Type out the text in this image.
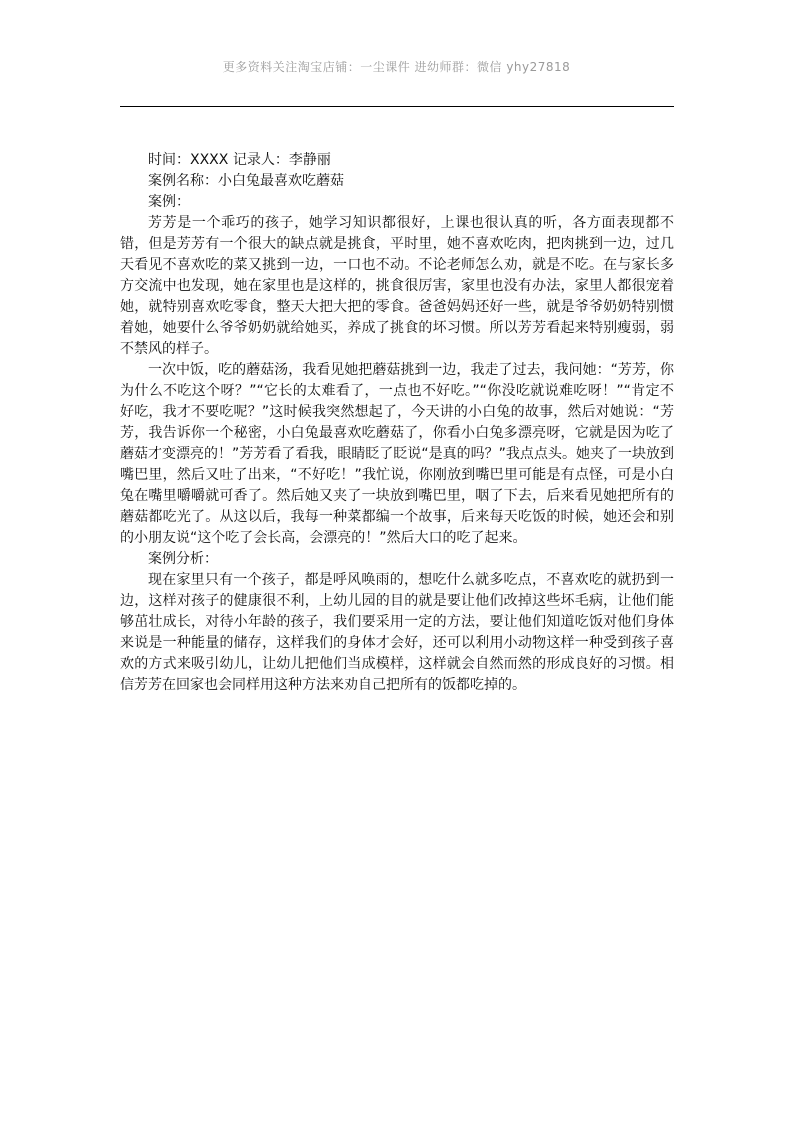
更多资料关注淘宝店铺：一尘课件 进幼师群：微信 yhy27818

时间：XXXX 记录人：李静丽

案例名称：小白兔最喜欢吃蘑菇

案例：

芳芳是一个乖巧的孩子，她学习知识都很好，上课也很认真的听，各方面表现都不错，但是芳芳有一个很大的缺点就是挑食，平时里，她不喜欢吃肉，把肉挑到一边，过几天看见不喜欢吃的菜又挑到一边，一口也不动。不论老师怎么劝，就是不吃。在与家长多方交流中也发现，她在家里也是这样的，挑食很厉害，家里也没有办法，家里人都很宠着她，就特别喜欢吃零食，整天大把大把的零食。爸爸妈妈还好一些，就是爷爷奶奶特别惯着她，她要什么爷爷奶奶就给她买，养成了挑食的坏习惯。所以芳芳看起来特别瘦弱，弱不禁风的样子。

一次中饭，吃的蘑菇汤，我看见她把蘑菇挑到一边，我走了过去，我问她：“芳芳，你为什么不吃这个呀？”“它长的太难看了，一点也不好吃。”“你没吃就说难吃呀！”“肯定不好吃，我才不要吃呢？”这时候我突然想起了，今天讲的小白兔的故事，然后对她说：“芳芳，我告诉你一个秘密，小白兔最喜欢吃蘑菇了，你看小白兔多漂亮呀，它就是因为吃了蘑菇才变漂亮的！”芳芳看了看我，眼睛眨了眨说“是真的吗？”我点点头。她夹了一块放到嘴巴里，然后又吐了出来，“不好吃！”我忙说，你刚放到嘴巴里可能是有点怪，可是小白兔在嘴里嚼嚼就可香了。然后她又夹了一块放到嘴巴里，咽了下去，后来看见她把所有的蘑菇都吃光了。从这以后，我每一种菜都编一个故事，后来每天吃饭的时候，她还会和别的小朋友说“这个吃了会长高，会漂亮的！”然后大口的吃了起来。

案例分析：

现在家里只有一个孩子，都是呼风唤雨的，想吃什么就多吃点，不喜欢吃的就扔到一边，这样对孩子的健康很不利，上幼儿园的目的就是要让他们改掉这些坏毛病，让他们能够茁壮成长，对待小年龄的孩子，我们要采用一定的方法，要让他们知道吃饭对他们身体来说是一种能量的储存，这样我们的身体才会好，还可以利用小动物这样一种受到孩子喜欢的方式来吸引幼儿，让幼儿把他们当成模样，这样就会自然而然的形成良好的习惯。相信芳芳在回家也会同样用这种方法来劝自己把所有的饭都吃掉的。
